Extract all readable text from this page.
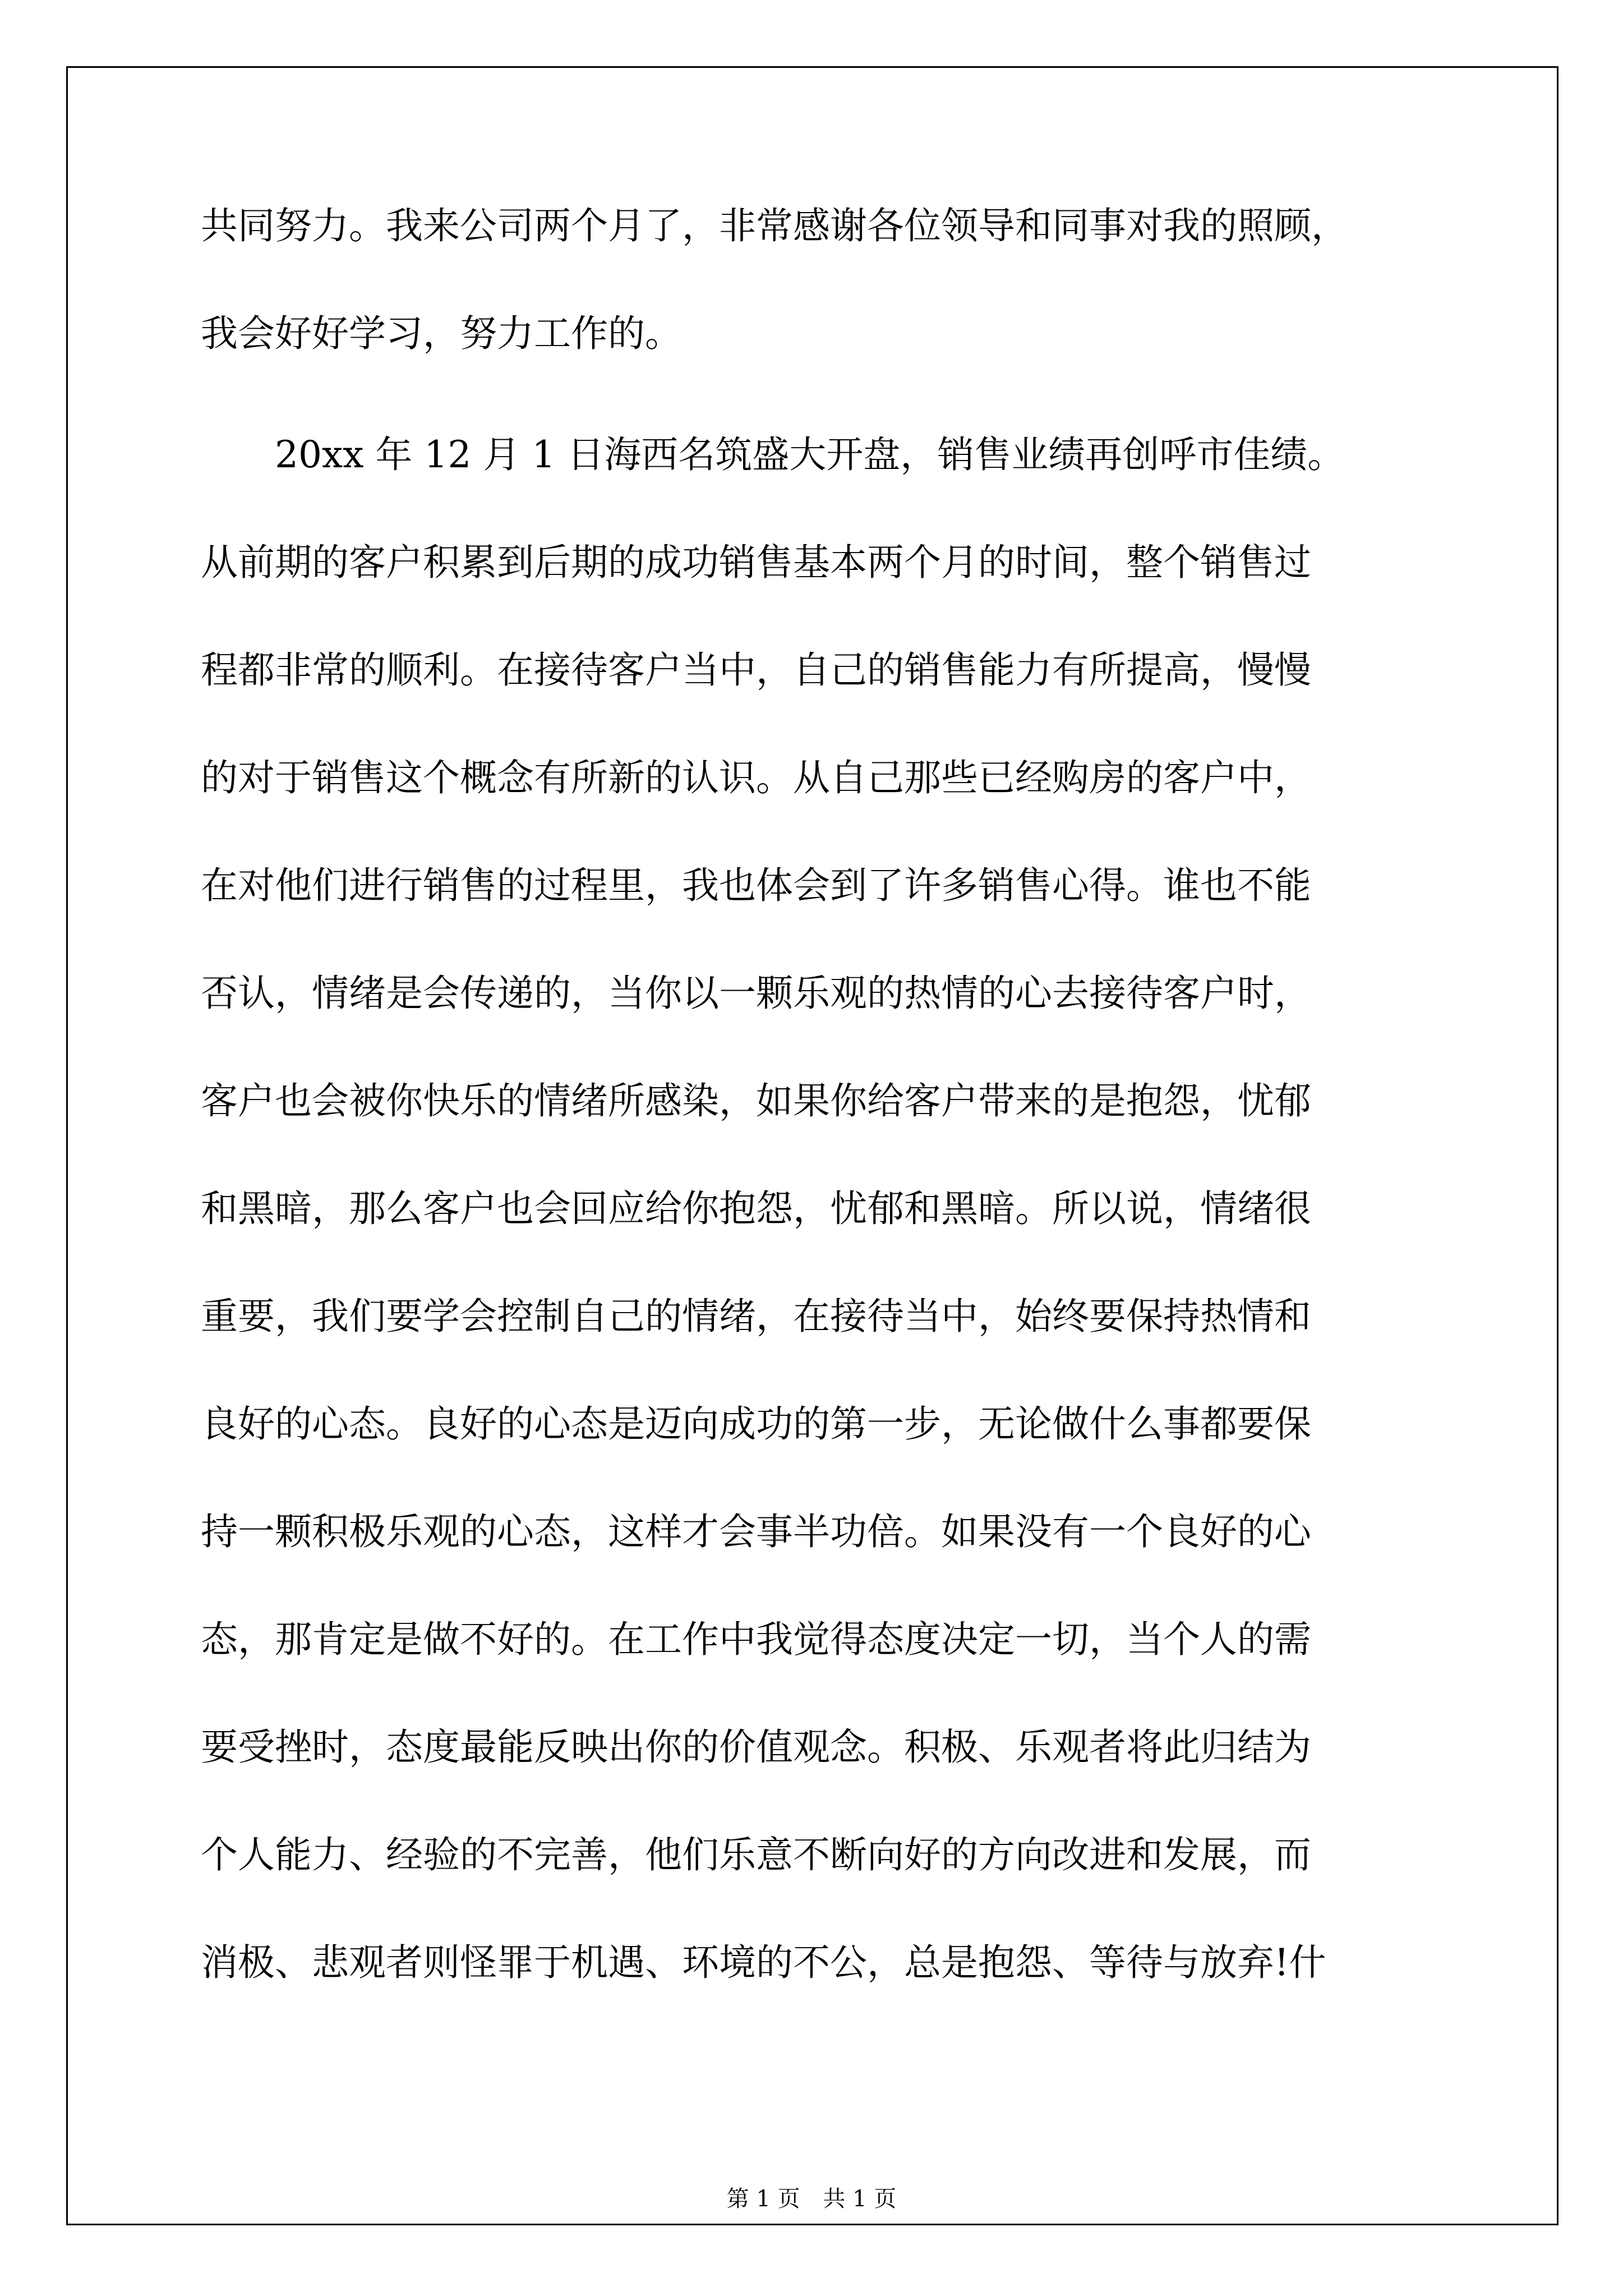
共同努力。我来公司两个月了，非常感谢各位领导和同事对我的照顾，
我会好好学习，努力工作的。
20xx 年 12 月 1 日海西名筑盛大开盘，销售业绩再创呼市佳绩。
从前期的客户积累到后期的成功销售基本两个月的时间，整个销售过
程都非常的顺利。在接待客户当中，自己的销售能力有所提高，慢慢
的对于销售这个概念有所新的认识。从自己那些已经购房的客户中，
在对他们进行销售的过程里，我也体会到了许多销售心得。谁也不能
否认，情绪是会传递的，当你以一颗乐观的热情的心去接待客户时，
客户也会被你快乐的情绪所感染，如果你给客户带来的是抱怨，忧郁
和黑暗，那么客户也会回应给你抱怨，忧郁和黑暗。所以说，情绪很
重要，我们要学会控制自己的情绪，在接待当中，始终要保持热情和
良好的心态。良好的心态是迈向成功的第一步，无论做什么事都要保
持一颗积极乐观的心态，这样才会事半功倍。如果没有一个良好的心
态，那肯定是做不好的。在工作中我觉得态度决定一切，当个人的需
要受挫时，态度最能反映出你的价值观念。积极、乐观者将此归结为
个人能力、经验的不完善，他们乐意不断向好的方向改进和发展，而
消极、悲观者则怪罪于机遇、环境的不公，总是抱怨、等待与放弃!什
第 1 页 共 1 页
